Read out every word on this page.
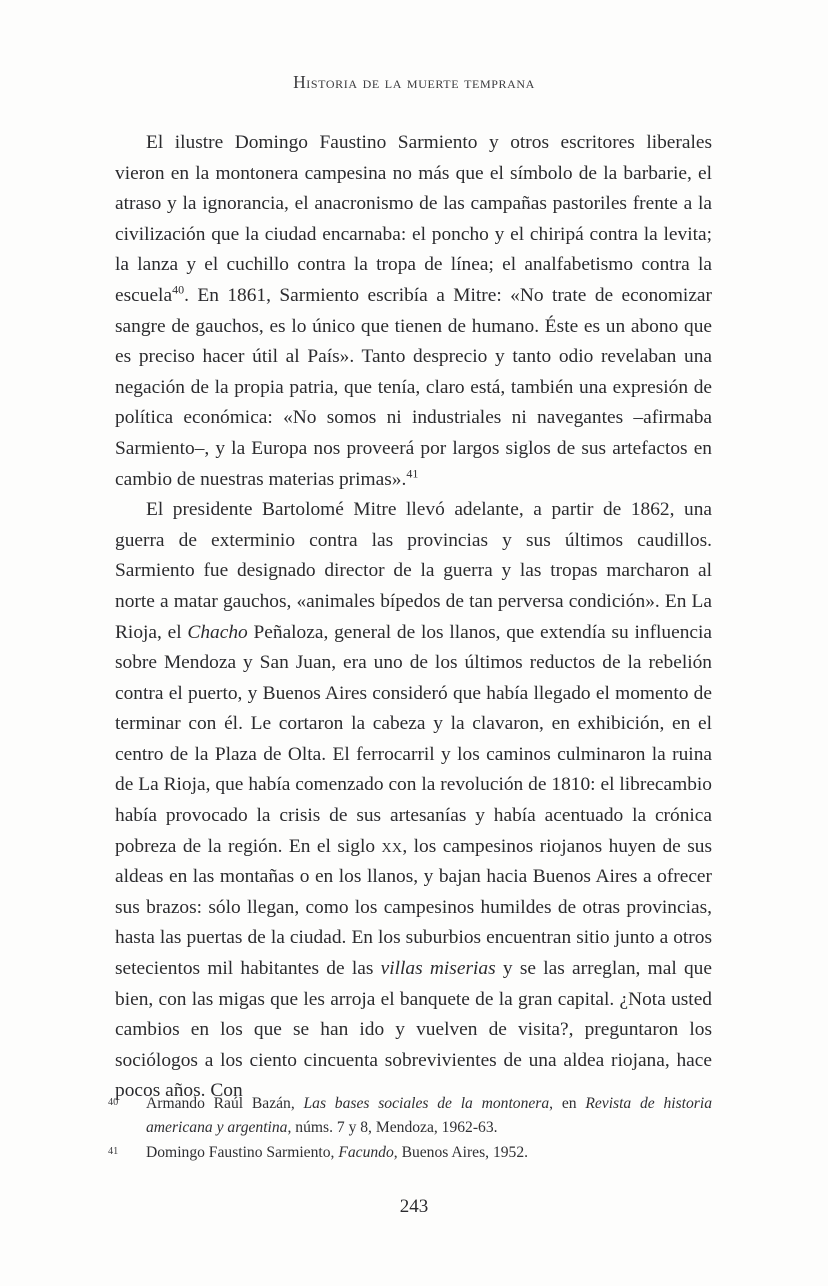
Historia de la muerte temprana

El ilustre Domingo Faustino Sarmiento y otros escritores liberales vieron en la montonera campesina no más que el símbolo de la barbarie, el atraso y la ignorancia, el anacronismo de las campañas pastoriles frente a la civilización que la ciudad encarnaba: el poncho y el chiripá contra la levita; la lanza y el cuchillo contra la tropa de línea; el analfabetismo contra la escuela$^{40}$. En 1861, Sarmiento escribía a Mitre: «No trate de economizar sangre de gauchos, es lo único que tienen de humano. Éste es un abono que es preciso hacer útil al País». Tanto desprecio y tanto odio revelaban una negación de la propia patria, que tenía, claro está, también una expresión de política económica: «No somos ni industriales ni navegantes –afirmaba Sarmiento–, y la Europa nos proveerá por largos siglos de sus artefactos en cambio de nuestras materias primas».$^{41}$

El presidente Bartolomé Mitre llevó adelante, a partir de 1862, una guerra de exterminio contra las provincias y sus últimos caudillos. Sarmiento fue designado director de la guerra y las tropas marcharon al norte a matar gauchos, «animales bípedos de tan perversa condición». En La Rioja, el Chacho Peñaloza, general de los llanos, que extendía su influencia sobre Mendoza y San Juan, era uno de los últimos reductos de la rebelión contra el puerto, y Buenos Aires consideró que había llegado el momento de terminar con él. Le cortaron la cabeza y la clavaron, en exhibición, en el centro de la Plaza de Olta. El ferrocarril y los caminos culminaron la ruina de La Rioja, que había comenzado con la revolución de 1810: el librecambio había provocado la crisis de sus artesanías y había acentuado la crónica pobreza de la región. En el siglo xx, los campesinos riojanos huyen de sus aldeas en las montañas o en los llanos, y bajan hacia Buenos Aires a ofrecer sus brazos: sólo llegan, como los campesinos humildes de otras provincias, hasta las puertas de la ciudad. En los suburbios encuentran sitio junto a otros setecientos mil habitantes de las villas miserias y se las arreglan, mal que bien, con las migas que les arroja el banquete de la gran capital. ¿Nota usted cambios en los que se han ido y vuelven de visita?, preguntaron los sociólogos a los ciento cincuenta sobrevivientes de una aldea riojana, hace pocos años. Con

40 Armando Raúl Bazán, Las bases sociales de la montonera, en Revista de historia americana y argentina, núms. 7 y 8, Mendoza, 1962-63.
41 Domingo Faustino Sarmiento, Facundo, Buenos Aires, 1952.
243
